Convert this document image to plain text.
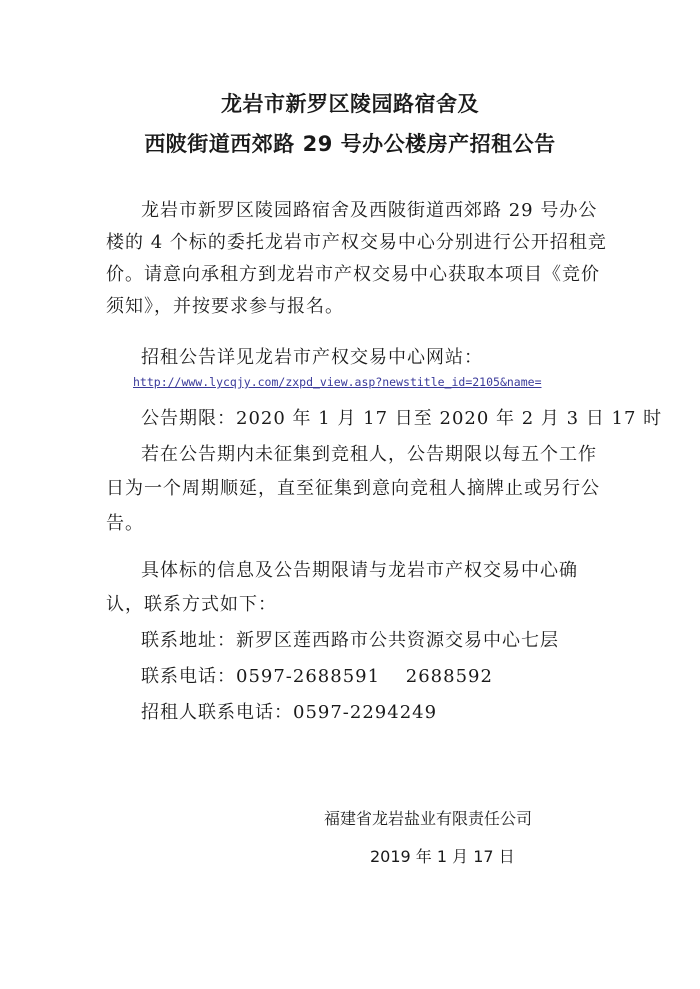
龙岩市新罗区陵园路宿舍及
西陂街道西郊路 29 号办公楼房产招租公告
龙岩市新罗区陵园路宿舍及西陂街道西郊路 29 号办公
楼的 4 个标的委托龙岩市产权交易中心分别进行公开招租竞
价。请意向承租方到龙岩市产权交易中心获取本项目《竞价
须知》，并按要求参与报名。
招租公告详见龙岩市产权交易中心网站：
http://www.lycqjy.com/zxpd_view.asp?newstitle_id=2105&name=
公告期限：2020 年 1 月 17 日至 2020 年 2 月 3 日 17 时
若在公告期内未征集到竞租人，公告期限以每五个工作
日为一个周期顺延，直至征集到意向竞租人摘牌止或另行公
告。
具体标的信息及公告期限请与龙岩市产权交易中心确
认，联系方式如下：
联系地址：新罗区莲西路市公共资源交易中心七层
联系电话：0597-2688591　 2688592
招租人联系电话：0597-2294249
福建省龙岩盐业有限责任公司
2019 年 1 月 17 日
